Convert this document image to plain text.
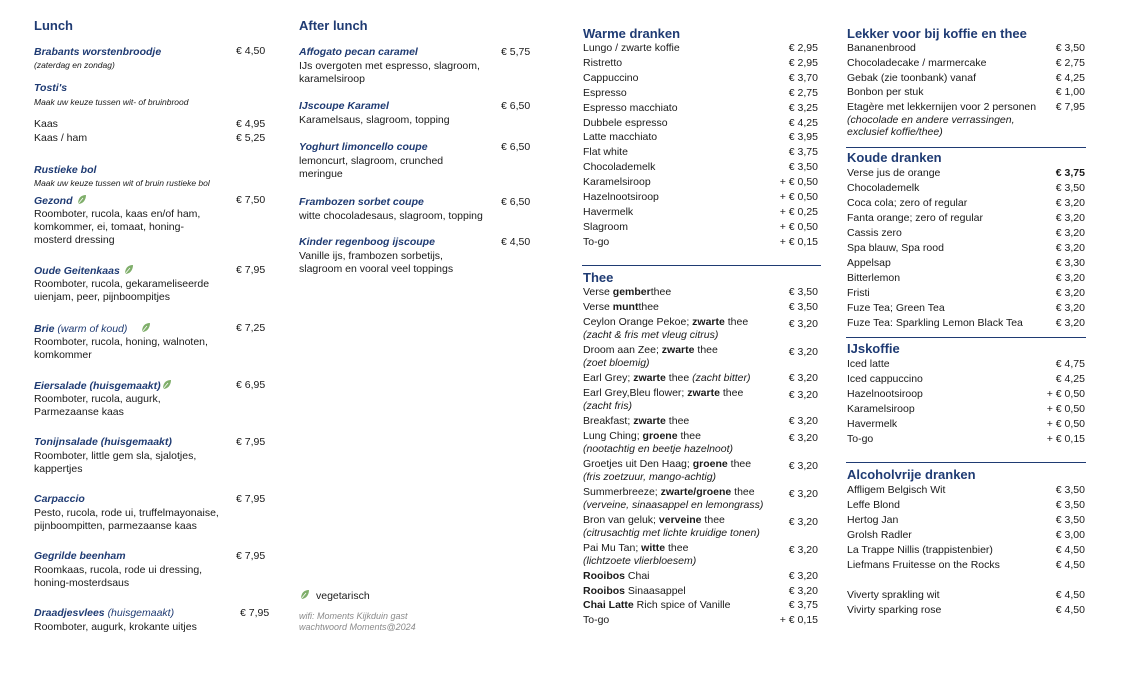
Lunch
Brabants worstenbroodje
(zaterdag en zondag)
€ 4,50
Tosti's
Maak uw keuze tussen wit- of bruinbrood
Kaas	€ 4,95
Kaas / ham	€ 5,25
Rustieke bol
Maak uw keuze tussen wit of bruin rustieke bol
Gezond
Roomboter, rucola, kaas en/of ham,
komkommer, ei, tomaat, honing-
mosterd dressing
€ 7,50
Oude Geitenkaas
Roomboter, rucola, gekarameliseerde
uienjam, peer, pijnboompitjes
€ 7,95
Brie (warm of koud)
Roomboter, rucola, honing, walnoten,
komkommer
€ 7,25
Eiersalade (huisgemaakt)
Roomboter, rucola, augurk,
Parmezaanse kaas
€ 6,95
Tonijnsalade (huisgemaakt)
Roomboter, little gem sla, sjalotjes,
kappertjes
€ 7,95
Carpaccio
Pesto, rucola, rode ui, truffelmayonaise,
pijnboompitten, parmezaanse kaas
€ 7,95
Gegrilde beenham
Roomkaas, rucola, rode ui dressing,
honing-mosterdsaus
€ 7,95
Draadjesvlees (huisgemaakt)
Roomboter, augurk, krokante uitjes
€ 7,95
After lunch
Affogato pecan caramel
IJs overgoten met espresso, slagroom,
karamelsiroop
€ 5,75
IJscoupe Karamel
Karamelsaus, slagroom, topping
€ 6,50
Yoghurt limoncello coupe
lemoncurt, slagroom, crunched
meringue
€ 6,50
Frambozen sorbet coupe
witte chocoladesaus, slagroom, topping
€ 6,50
Kinder regenboog ijscoupe
Vanille ijs, frambozen sorbetijs,
slagroom en vooral veel toppings
€ 4,50
vegetarisch
wifi: Moments Kijkduin gast
wachtwoord Moments@2024
Warme dranken
Lungo / zwarte koffie	€ 2,95
Ristretto	€ 2,95
Cappuccino	€ 3,70
Espresso	€ 2,75
Espresso macchiato	€ 3,25
Dubbele espresso	€ 4,25
Latte macchiato	€ 3,95
Flat white	€ 3,75
Chocolademelk	€ 3,50
Karamelsiroop	+ € 0,50
Hazelnootsiroop	+ € 0,50
Havermelk	+ € 0,25
Slagroom	+ € 0,50
To-go	+ € 0,15
Thee
Verse gemberthee	€ 3,50
Verse muntthee	€ 3,50
Ceylon Orange Pekoe; zwarte thee	€ 3,20
(zacht & fris met vleug citrus)
Droom aan Zee; zwarte thee	€ 3,20
(zoet bloemig)
Earl Grey; zwarte thee (zacht bitter)	€ 3,20
Earl Grey,Bleu flower; zwarte thee	€ 3,20
(zacht fris)
Breakfast; zwarte thee	€ 3,20
Lung Ching; groene thee	€ 3,20
(nootachtig en beetje hazelnoot)
Groetjes uit Den Haag; groene thee	€ 3,20
(fris zoetzuur, mango-achtig)
Summerbreeze; zwarte/groene thee	€ 3,20
(verveine, sinaasappel en lemongrass)
Bron van geluk; verveine thee	€ 3,20
(citrusachtig met lichte kruidige tonen)
Pai Mu Tan; witte thee	€ 3,20
(lichtzoete vlierbloesem)
Rooibos Chai	€ 3,20
Rooibos Sinaasappel	€ 3,20
Chai Latte Rich spice of Vanille	€ 3,75
To-go	+ € 0,15
Lekker voor bij koffie en thee
Bananenbrood	€ 3,50
Chocoladecake / marmercake	€ 2,75
Gebak (zie toonbank) vanaf	€ 4,25
Bonbon per stuk	€ 1,00
Etagère met lekkernijen voor 2 personen € 7,95
(chocolade en andere verrassingen,
exclusief koffie/thee)
Koude dranken
Verse jus de orange	€ 3,75
Chocolademelk	€ 3,50
Coca cola; zero of regular	€ 3,20
Fanta orange; zero of regular	€ 3,20
Cassis zero	€ 3,20
Spa blauw, Spa rood	€ 3,20
Appelsap	€ 3,30
Bitterlemon	€ 3,20
Fristi	€ 3,20
Fuze Tea; Green Tea	€ 3,20
Fuze Tea: Sparkling Lemon Black Tea	€ 3,20
IJskoffie
Iced latte	€ 4,75
Iced cappuccino	€ 4,25
Hazelnootsiroop	+ € 0,50
Karamelsiroop	+ € 0,50
Havermelk	+ € 0,50
To-go	+ € 0,15
Alcoholvrije dranken
Affligem Belgisch Wit	€ 3,50
Leffe Blond	€ 3,50
Hertog Jan	€ 3,50
Grolsh Radler	€ 3,00
La Trappe Nillis (trappistenbier)	€ 4,50
Liefmans Fruitesse on the Rocks	€ 4,50
Viverty sprakling wit	€ 4,50
Vivirty sparking rose	€ 4,50
